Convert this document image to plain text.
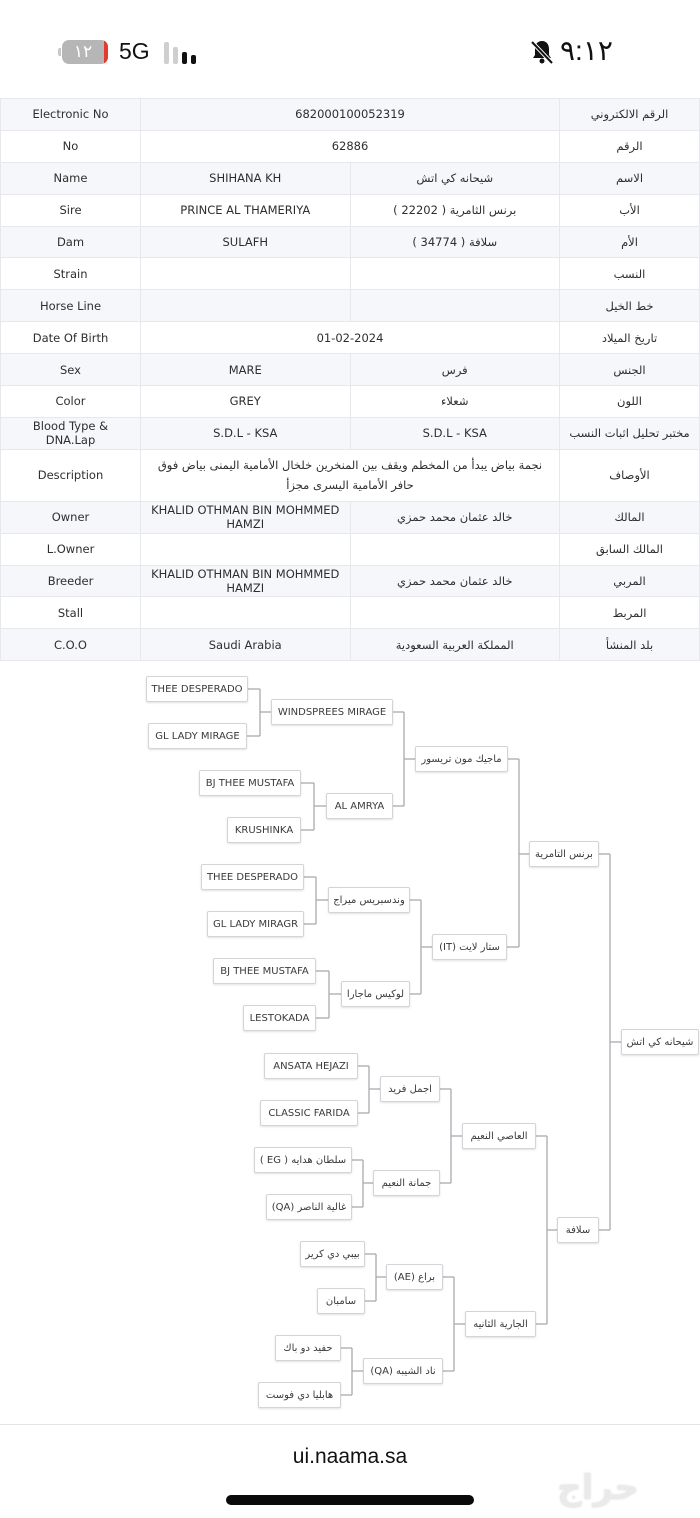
١٢	5G	٩:١٢
Electronic No	682000100052319		الرقم الالكتروني
No	62886		الرقم
Name	SHIHANA KH	شيحانه كي اتش	الاسم
Sire	PRINCE AL THAMERIYA	برنس الثامرية ( 22202 )	الأب
Dam	SULAFH	سلافة ( 34774 )	الأم
Strain			النسب
Horse Line			خط الخيل
Date Of Birth	01-02-2024		تاريخ الميلاد
Sex	MARE	فرس	الجنس
Color	GREY	شعلاء	اللون
Blood Type & DNA.Lap	S.D.L - KSA	S.D.L - KSA	مختبر تحليل اثبات النسب
Description	نجمة بياض يبدأ من المخطم ويقف بين المنخرين خلخال الأمامية اليمنى بياض فوق حافر الأمامية اليسرى مجزأ		الأوصاف
Owner	KHALID OTHMAN BIN MOHMMED HAMZI	خالد عثمان محمد حمزي	المالك
L.Owner			المالك السابق
Breeder	KHALID OTHMAN BIN MOHMMED HAMZI	خالد عثمان محمد حمزي	المربي
Stall			المربط
C.O.O	Saudi Arabia	المملكة العربية السعودية	بلد المنشأ
THEE DESPERADO
GL LADY MIRAGE
BJ THEE MUSTAFA
KRUSHINKA
THEE DESPERADO
GL LADY MIRAGR
BJ THEE MUSTAFA
LESTOKADA
ANSATA HEJAZI
CLASSIC FARIDA
سلطان هدايه ( EG )
غالية الناصر (QA)
بيبي دي كرير
سامبان
حفيد دو باك
هابليا دي فوست
WINDSPREES MIRAGE
AL AMRYA
وندسبريس ميراج
لوكيس ماجارا
اجمل فريد
جمانة النعيم
براع (AE)
ناد الشيبه (QA)
ماجيك مون تريسور
ستار لايت (IT)
العاصي النعيم
الجارية الثانيه
برنس التامرية
سلافة
شيحانه كي اتش
ui.naama.sa
حراج
